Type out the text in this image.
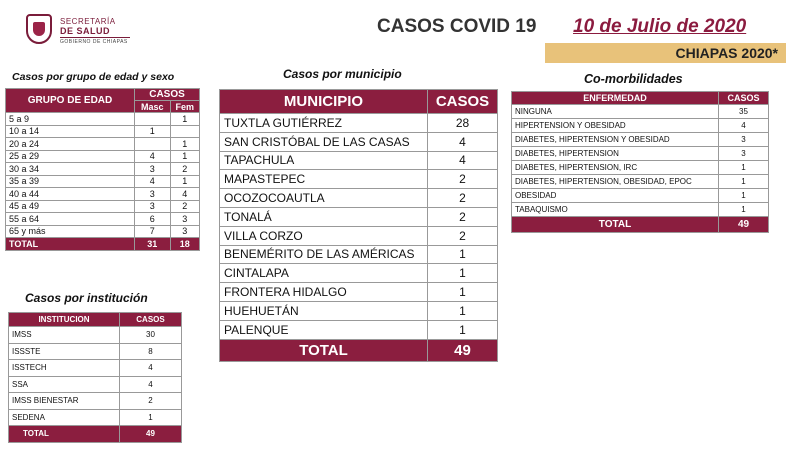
SECRETARÍA
DE SALUD
GOBIERNO DE CHIAPAS
CASOS COVID 19 10 de Julio de 2020
CHIAPAS 2020*
Casos por grupo de edad y sexo	Casos por municipio	Co-morbilidades
Casos por institución
GRUPO DE EDAD	CASOS	
	Masc	Fem
5 a 9		1
10 a 14	1	
20 a 24		1
25 a 29	4	1
30 a 34	3	2
35 a 39	4	1
40 a 44	3	4
45 a 49	3	2
55 a 64	6	3
65 y más	7	3
TOTAL	31	18
INSTITUCION	CASOS
IMSS	30
ISSSTE	8
ISSTECH	4
SSA	4
IMSS BIENESTAR	2
SEDENA	1
TOTAL	49
MUNICIPIO	CASOS
TUXTLA GUTIÉRREZ	28
SAN CRISTÓBAL DE LAS CASAS	4
TAPACHULA	4
MAPASTEPEC	2
OCOZOCOAUTLA	2
TONALÁ	2
VILLA CORZO	2
BENEMÉRITO DE LAS AMÉRICAS	1
CINTALAPA	1
FRONTERA HIDALGO	1
HUEHUETÁN	1
PALENQUE	1
TOTAL	49
ENFERMEDAD	CASOS
NINGUNA	35
HIPERTENSION Y OBESIDAD	4
DIABETES, HIPERTENSION Y OBESIDAD	3
DIABETES, HIPERTENSION	3
DIABETES, HIPERTENSION, IRC	1
DIABETES, HIPERTENSION, OBESIDAD, EPOC	1
OBESIDAD	1
TABAQUISMO	1
TOTAL	49
